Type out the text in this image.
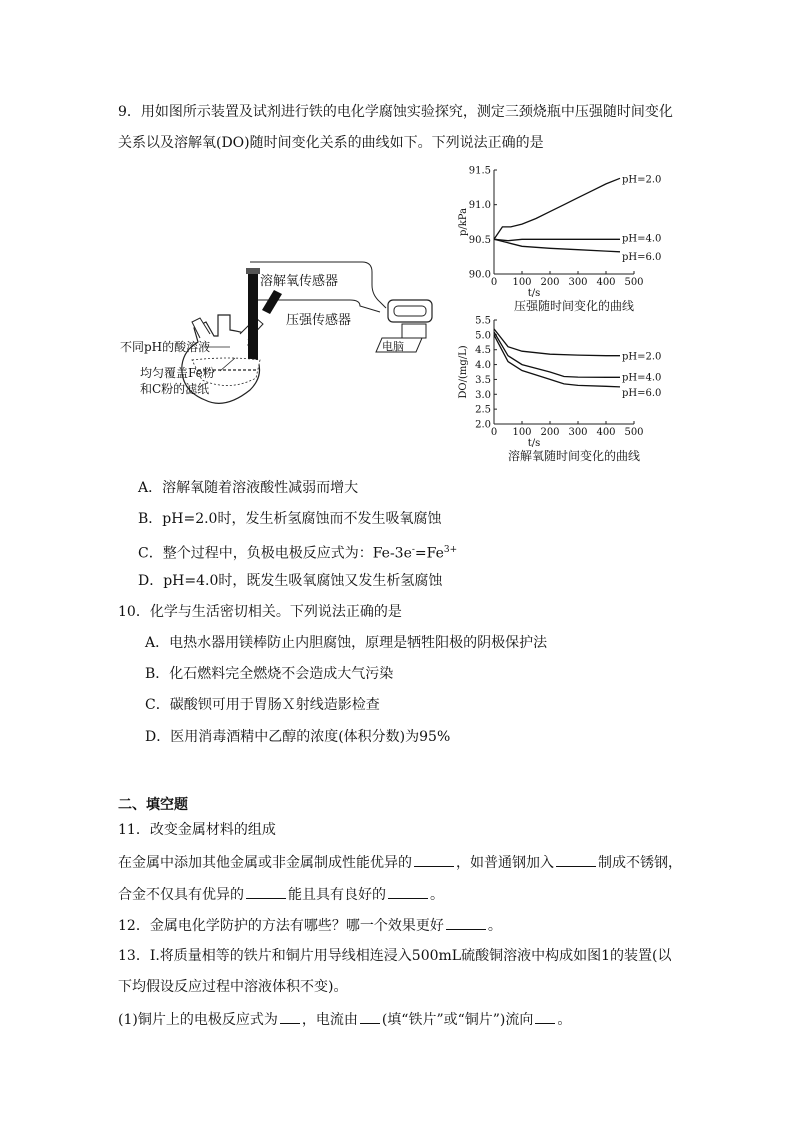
9．用如图所示装置及试剂进行铁的电化学腐蚀实验探究，测定三颈烧瓶中压强随时间变化
关系以及溶解氧(DO)随时间变化关系的曲线如下。下列说法正确的是
溶解氧传感器
压强传感器
电脑
不同pH的酸溶液
均匀覆盖Fe粉
和C粉的滤纸
0 100 200 300 400 500
90.0
90.5
91.0
91.5
p/kPa
t/s
压强随时间变化的曲线
pH=2.0
pH=4.0
pH=6.0
0 100 200 300 400 500
2.0
2.5
3.0
3.5
4.0
4.5
5.0
5.5
DO/(mg/L)
t/s
溶解氧随时间变化的曲线
pH=2.0
pH=4.0
pH=6.0
A．溶解氧随着溶液酸性减弱而增大
B．pH=2.0时，发生析氢腐蚀而不发生吸氧腐蚀
C．整个过程中，负极电极反应式为：$Fe-3e^-=Fe^{3+}$
D．pH=4.0时，既发生吸氧腐蚀又发生析氢腐蚀
10．化学与生活密切相关。下列说法正确的是
A．电热水器用镁棒防止内胆腐蚀，原理是牺牲阳极的阴极保护法
B．化石燃料完全燃烧不会造成大气污染
C．碳酸钡可用于胃肠Ｘ射线造影检查
D．医用消毒酒精中乙醇的浓度(体积分数)为95%
二、填空题
11．改变金属材料的组成
在金属中添加其他金属或非金属制成性能优异的	，如普通钢加入	制成不锈钢，
合金不仅具有优异的	能且具有良好的	。
12．金属电化学防护的方法有哪些？哪一个效果更好	。
13．I.将质量相等的铁片和铜片用导线相连浸入500mL硫酸铜溶液中构成如图1的装置(以
下均假设反应过程中溶液体积不变)。
(1)铜片上的电极反应式为 ，电流由 (填“铁片”或“铜片”)流向 。
